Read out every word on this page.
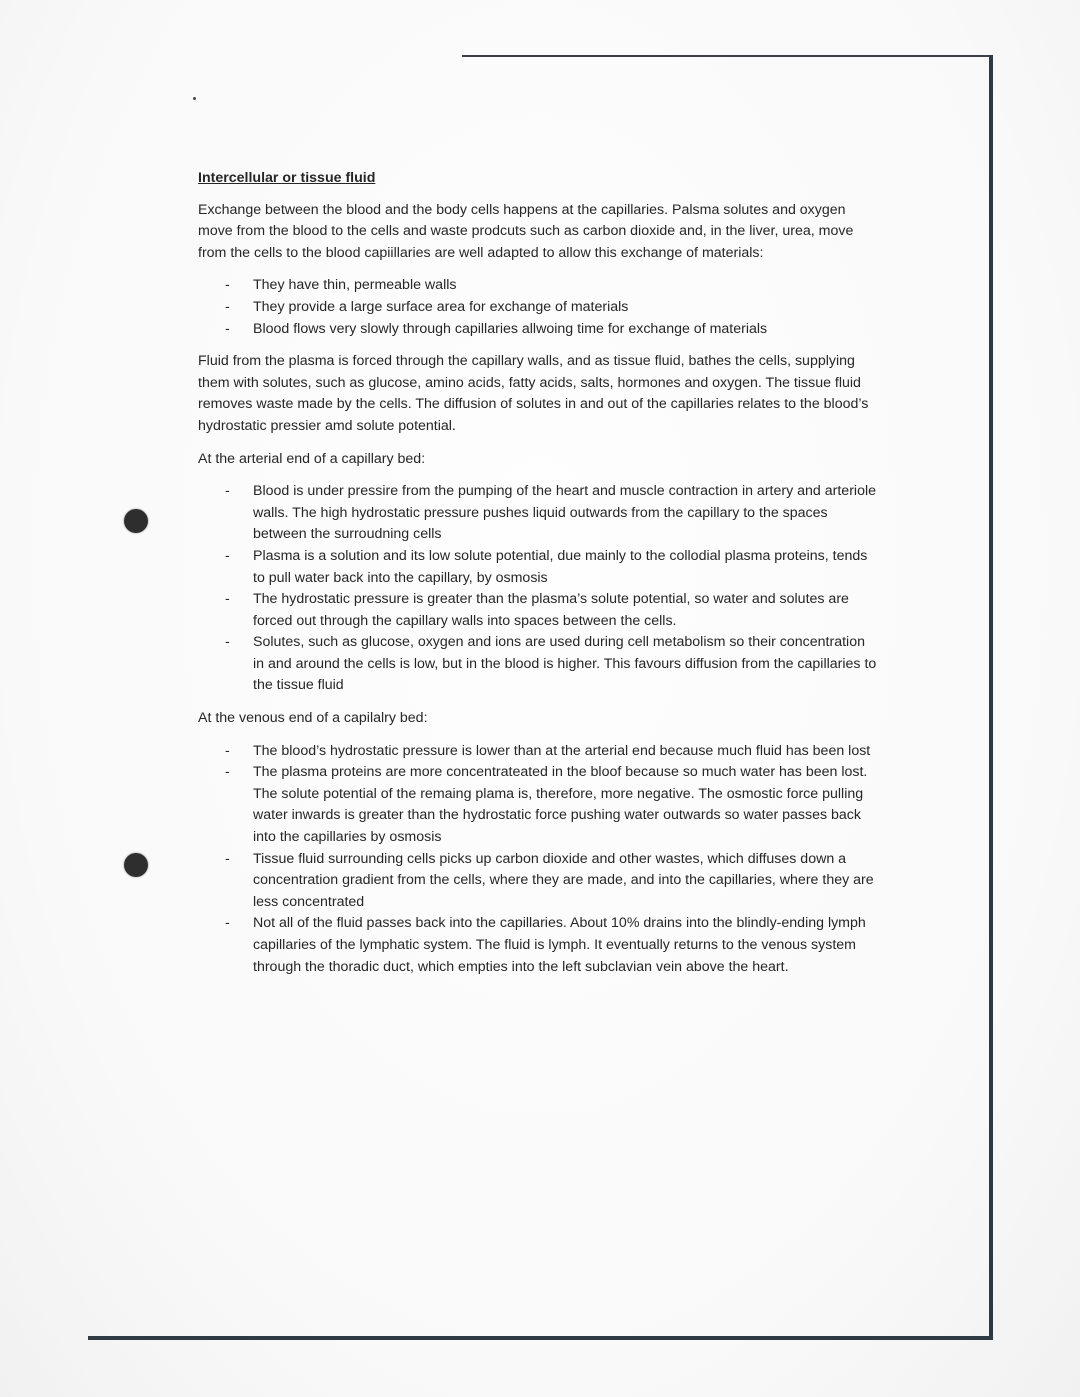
Intercellular or tissue fluid

Exchange between the blood and the body cells happens at the capillaries. Palsma solutes and oxygen move from the blood to the cells and waste prodcuts such as carbon dioxide and, in the liver, urea, move from the cells to the blood capiillaries are well adapted to allow this exchange of materials:

- They have thin, permeable walls
- They provide a large surface area for exchange of materials
- Blood flows very slowly through capillaries allwoing time for exchange of materials

Fluid from the plasma is forced through the capillary walls, and as tissue fluid, bathes the cells, supplying them with solutes, such as glucose, amino acids, fatty acids, salts, hormones and oxygen. The tissue fluid removes waste made by the cells. The diffusion of solutes in and out of the capillaries relates to the blood’s hydrostatic pressier amd solute potential.

At the arterial end of a capillary bed:

- Blood is under pressire from the pumping of the heart and muscle contraction in artery and arteriole walls. The high hydrostatic pressure pushes liquid outwards from the capillary to the spaces between the surroudning cells
- Plasma is a solution and its low solute potential, due mainly to the collodial plasma proteins, tends to pull water back into the capillary, by osmosis
- The hydrostatic pressure is greater than the plasma’s solute potential, so water and solutes are forced out through the capillary walls into spaces between the cells.
- Solutes, such as glucose, oxygen and ions are used during cell metabolism so their concentration in and around the cells is low, but in the blood is higher. This favours diffusion from the capillaries to the tissue fluid

At the venous end of a capilalry bed:

- The blood’s hydrostatic pressure is lower than at the arterial end because much fluid has been lost
- The plasma proteins are more concentrateated in the bloof because so much water has been lost. The solute potential of the remaing plama is, therefore, more negative. The osmostic force pulling water inwards is greater than the hydrostatic force pushing water outwards so water passes back into the capillaries by osmosis
- Tissue fluid surrounding cells picks up carbon dioxide and other wastes, which diffuses down a concentration gradient from the cells, where they are made, and into the capillaries, where they are less concentrated
- Not all of the fluid passes back into the capillaries. About 10% drains into the blindly-ending lymph capillaries of the lymphatic system. The fluid is lymph. It eventually returns to the venous system through the thoradic duct, which empties into the left subclavian vein above the heart.
